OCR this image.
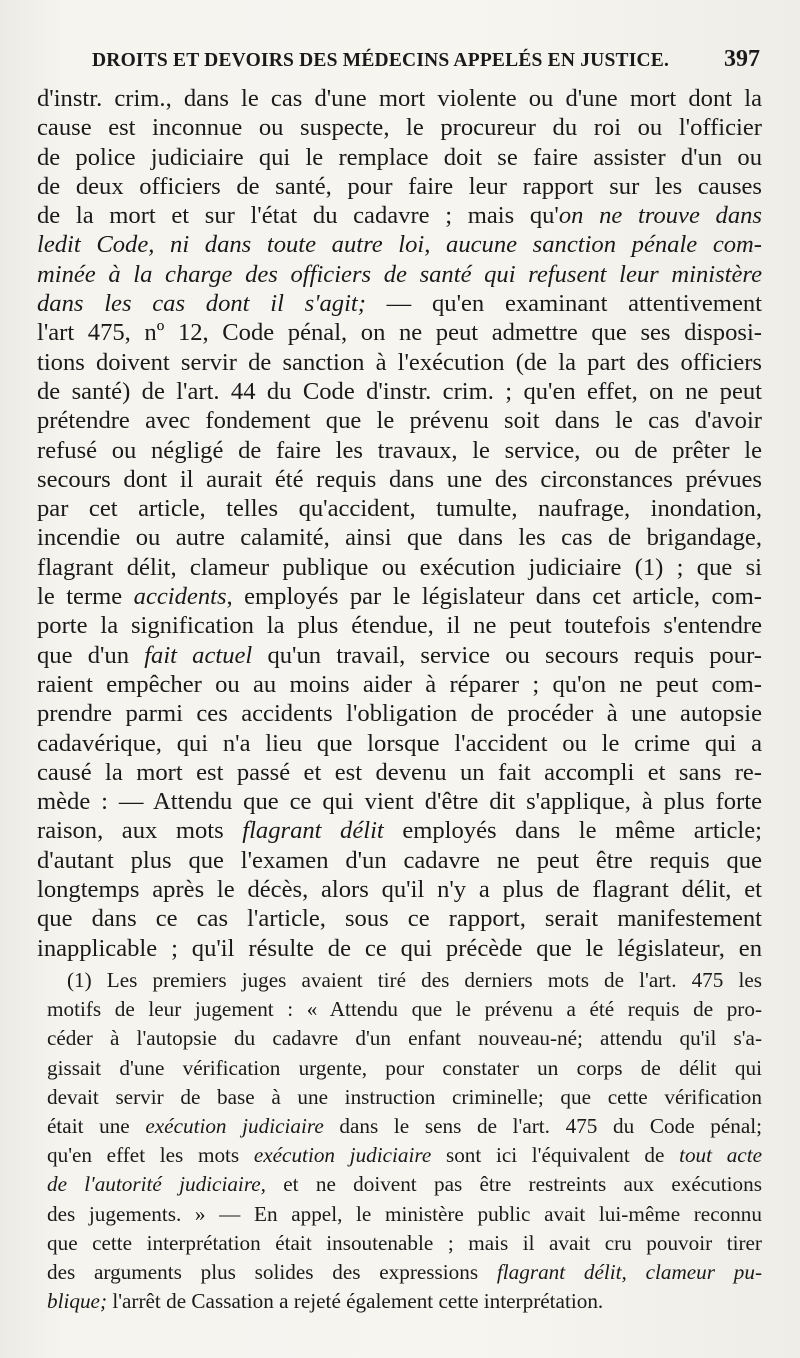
DROITS ET DEVOIRS DES MÉDECINS APPELÉS EN JUSTICE. 397
d'instr. crim., dans le cas d'une mort violente ou d'une mort dont la
cause est inconnue ou suspecte, le procureur du roi ou l'officier
de police judiciaire qui le remplace doit se faire assister d'un ou
de deux officiers de santé, pour faire leur rapport sur les causes
de la mort et sur l'état du cadavre ; mais qu'on ne trouve dans
ledit Code, ni dans toute autre loi, aucune sanction pénale com-
minée à la charge des officiers de santé qui refusent leur ministère
dans les cas dont il s'agit; — qu'en examinant attentivement
l'art 475, nº 12, Code pénal, on ne peut admettre que ses disposi-
tions doivent servir de sanction à l'exécution (de la part des officiers
de santé) de l'art. 44 du Code d'instr. crim. ; qu'en effet, on ne peut
prétendre avec fondement que le prévenu soit dans le cas d'avoir
refusé ou négligé de faire les travaux, le service, ou de prêter le
secours dont il aurait été requis dans une des circonstances prévues
par cet article, telles qu'accident, tumulte, naufrage, inondation,
incendie ou autre calamité, ainsi que dans les cas de brigandage,
flagrant délit, clameur publique ou exécution judiciaire (1) ; que si
le terme accidents, employés par le législateur dans cet article, com-
porte la signification la plus étendue, il ne peut toutefois s'entendre
que d'un fait actuel qu'un travail, service ou secours requis pour-
raient empêcher ou au moins aider à réparer ; qu'on ne peut com-
prendre parmi ces accidents l'obligation de procéder à une autopsie
cadavérique, qui n'a lieu que lorsque l'accident ou le crime qui a
causé la mort est passé et est devenu un fait accompli et sans re-
mède : — Attendu que ce qui vient d'être dit s'applique, à plus forte
raison, aux mots flagrant délit employés dans le même article;
d'autant plus que l'examen d'un cadavre ne peut être requis que
longtemps après le décès, alors qu'il n'y a plus de flagrant délit, et
que dans ce cas l'article, sous ce rapport, serait manifestement
inapplicable ; qu'il résulte de ce qui précède que le législateur, en
(1) Les premiers juges avaient tiré des derniers mots de l'art. 475 les
motifs de leur jugement : « Attendu que le prévenu a été requis de pro-
céder à l'autopsie du cadavre d'un enfant nouveau-né; attendu qu'il s'a-
gissait d'une vérification urgente, pour constater un corps de délit qui
devait servir de base à une instruction criminelle; que cette vérification
était une exécution judiciaire dans le sens de l'art. 475 du Code pénal;
qu'en effet les mots exécution judiciaire sont ici l'équivalent de tout acte
de l'autorité judiciaire, et ne doivent pas être restreints aux exécutions
des jugements. » — En appel, le ministère public avait lui-même reconnu
que cette interprétation était insoutenable ; mais il avait cru pouvoir tirer
des arguments plus solides des expressions flagrant délit, clameur pu-
blique; l'arrêt de Cassation a rejeté également cette interprétation.
